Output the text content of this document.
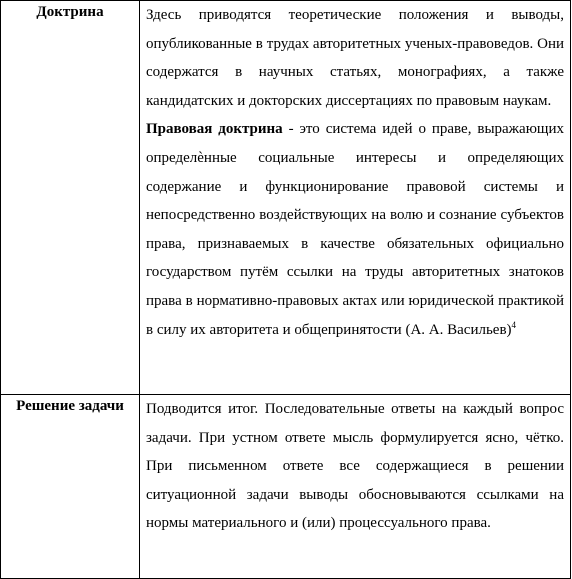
Доктрина	Здесь приводятся теоретические положения и выводы, опубликованные в трудах авторитетных ученых-правоведов. Они содержатся в научных статьях, монографиях, а также кандидатских и докторских диссертациях по правовым наукам.

Правовая доктрина - это система идей о праве, выражающих определѐнные социальные интересы и определяющих содержание и функционирование правовой системы и непосредственно воздействующих на волю и сознание субъектов права, признаваемых в качестве обязательных официально государством путём ссылки на труды авторитетных знатоков права в нормативно-правовых актах или юридической практикой в силу их авторитета и общепринятости (А. А. Васильев)$^4$

Решение задачи	Подводится итог. Последовательные ответы на каждый вопрос задачи. При устном ответе мысль формулируется ясно, чётко. При письменном ответе все содержащиеся в решении ситуационной задачи выводы обосновываются ссылками на нормы материального и (или) процессуального права.
